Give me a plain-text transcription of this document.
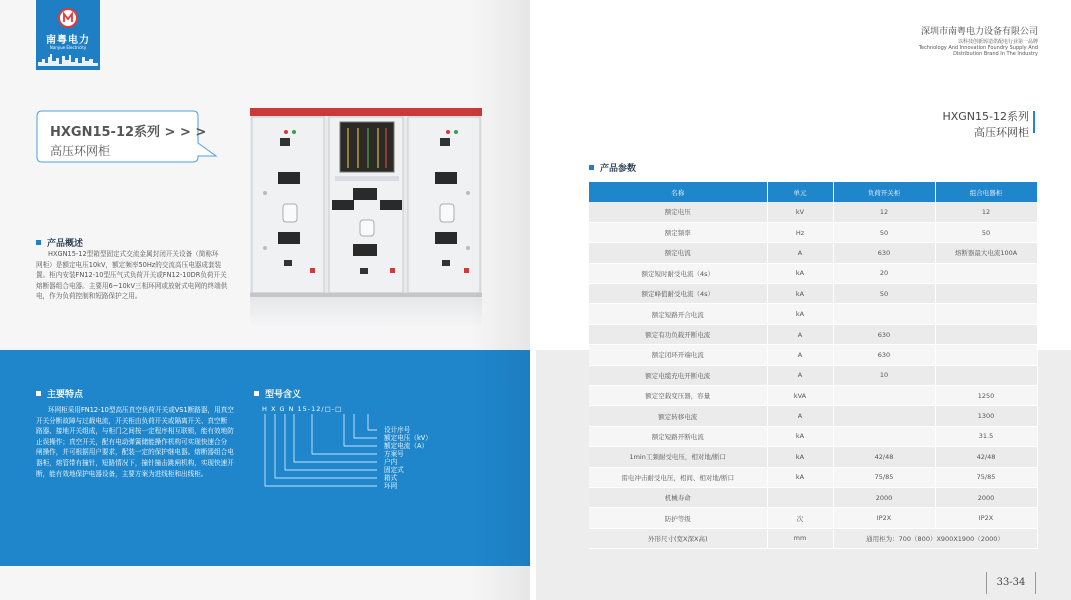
南粤电力
Nanyue Electricity
HXGN15-12系列 > > >
高压环网柜
产品概述
HXGN15-12型箱型固定式交流金属封闭开关设备（简称环
网柜）是额定电压10kV，额定频率50Hz的交流高压电器成套装
置。柜内安装FN12-10型压气式负荷开关或FN12-10DR负荷开关
熔断器组合电器。主要用6~10kV三相环网或放射式电网的终端供
电，作为负荷控制和短路保护之用。
主要特点
环网柜采用FN12-10型高压真空负荷开关或VS1断路器，用真空
开关分断故障与过载电流，开关柜由负荷开关或隔离开关、真空断
路器、接地开关组成，与柜门之间按一定程序相互联锁，能有效地防
止误操作；真空开关，配有电动弹簧储能操作机构可实现快速合分
闸操作，并可根据用户要求，配装一定的保护继电器。熔断器组合电
器柜，熔管带有撞针，短路情况下，撞针撞击跳闸机构，实现快速开
断，能有效地保护电器设备，主要方案为进线柜和出线柜。
型号含义
H X G N 15-12/□-□
设计序号
额定电压（kV）
额定电流（A）
方案号
户内
固定式
箱式
环网
深圳市南粤电力设备有限公司
以科技创新铸造供配电行业第一品牌
Technology And Innovation Foundry Supply And
Distribution Brand In The Industry
HXGN15-12系列
高压环网柜
产品参数
名称	单元	负荷开关柜	组合电器柜
额定电压	kV	12	12
额定频率	Hz	50	50
额定电流	A	630	熔断器最大电流100A
额定短时耐受电流（4s）	kA	20	
额定峰值耐受电流（4s）	kA	50	
额定短路开合电流	kA		
额定有功负载开断电流	A	630	
额定闭环开端电流	A	630	
额定电缆充电开断电流	A	10	
额定空载变压器，容量	kVA		1250
额定转移电流	A		1300
额定短路开断电流	kA		31.5
1min工频耐受电压，相对地/断口	kA	42/48	42/48
雷电冲击耐受电压，相间、相对地/断口	kA	75/85	75/85
机械寿命		2000	2000
防护等级	次	IP2X	IP2X
外形尺寸(宽X深X高)	mm	通用柜为：700（800）X900X1900（2000）	
33-34
